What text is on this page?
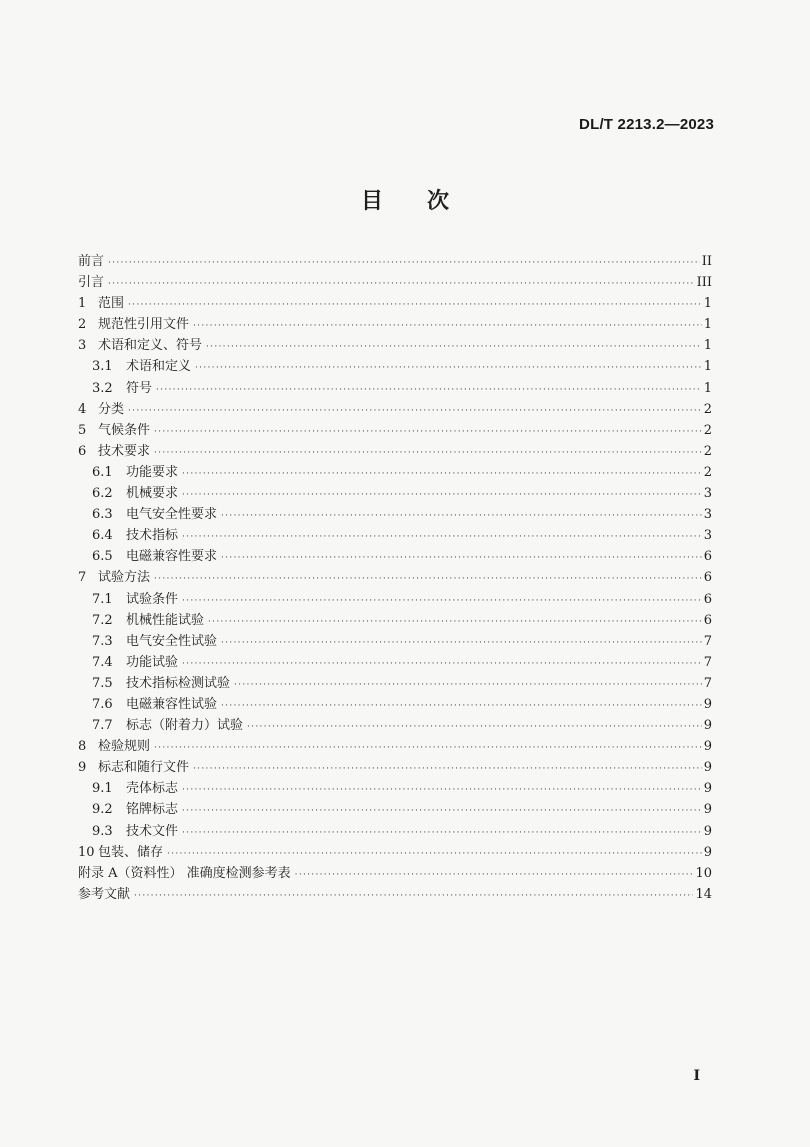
DL/T 2213.2—2023
目 次
前言 ·····	II
引言 ·····	III
1 范围 ·····	1
2 规范性引用文件 ·····	1
3 术语和定义、符号 ·····	1
3.1	术语和定义 ·····	1
3.2	符号 ·····	1
4 分类 ·····	2
5 气候条件 ·····	2
6 技术要求 ·····	2
6.1	功能要求 ·····	2
6.2	机械要求 ·····	3
6.3	电气安全性要求 ·····	3
6.4	技术指标 ·····	3
6.5	电磁兼容性要求 ·····	6
7 试验方法 ·····	6
7.1	试验条件 ·····	6
7.2	机械性能试验 ·····	6
7.3	电气安全性试验 ·····	7
7.4	功能试验 ·····	7
7.5	技术指标检测试验 ·····	7
7.6	电磁兼容性试验 ·····	9
7.7	标志（附着力）试验 ·····	9
8 检验规则 ·····	9
9 标志和随行文件 ·····	9
9.1	壳体标志 ·····	9
9.2	铭牌标志 ·····	9
9.3	技术文件 ·····	9
10 包装、储存 ·····	9
附录 A（资料性） 准确度检测参考表 ·····	10
参考文献 ·····	14
I
